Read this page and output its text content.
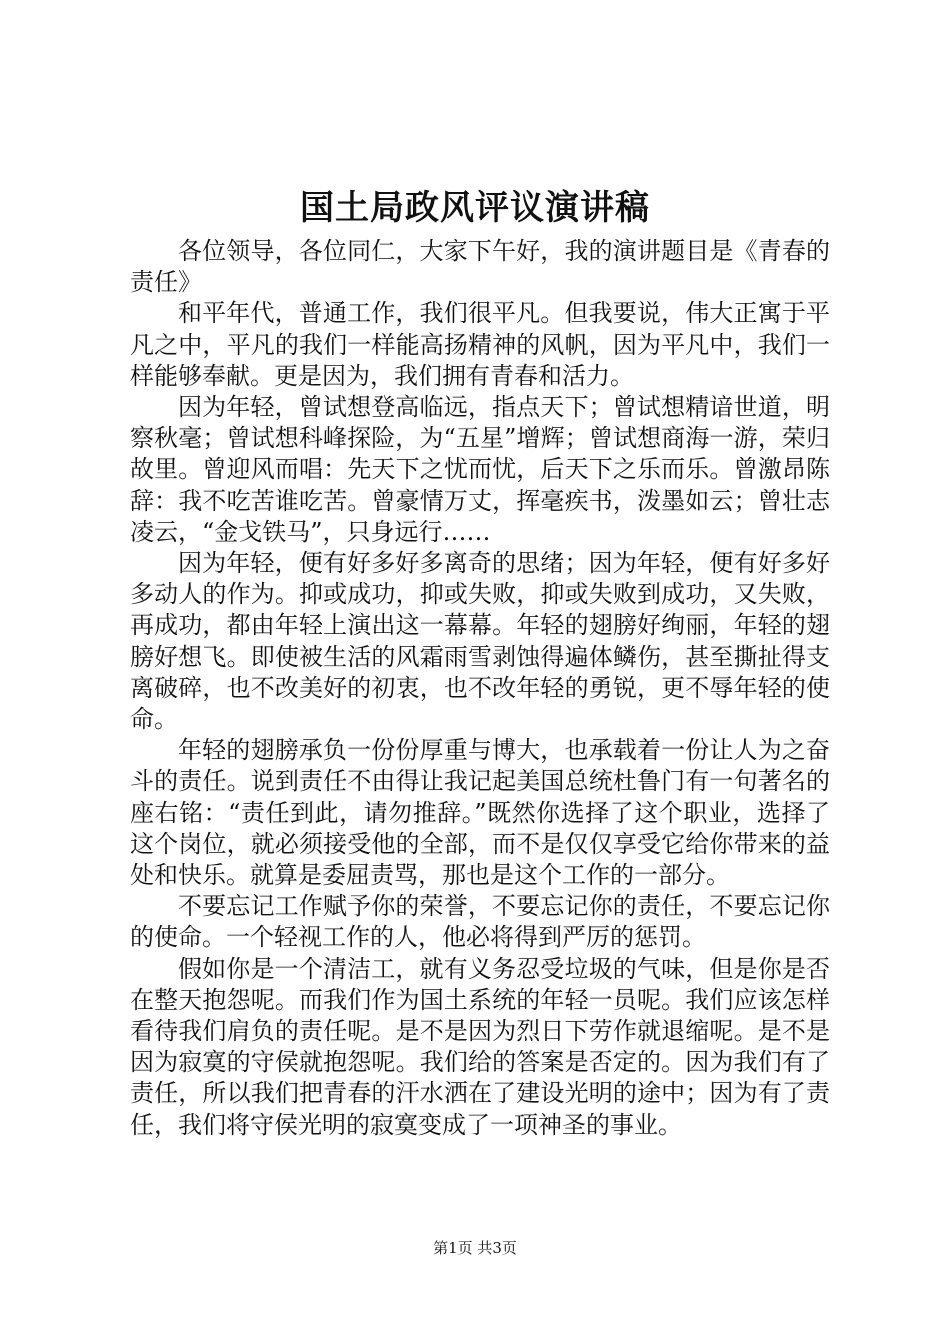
国土局政风评议演讲稿

各位领导，各位同仁，大家下午好，我的演讲题目是《青春的责任》

和平年代，普通工作，我们很平凡。但我要说，伟大正寓于平凡之中，平凡的我们一样能高扬精神的风帆，因为平凡中，我们一样能够奉献。更是因为，我们拥有青春和活力。

因为年轻，曾试想登高临远，指点天下；曾试想精谙世道，明察秋毫；曾试想科峰探险，为“五星”增辉；曾试想商海一游，荣归故里。曾迎风而唱：先天下之忧而忧，后天下之乐而乐。曾激昂陈辞：我不吃苦谁吃苦。曾豪情万丈，挥毫疾书，泼墨如云；曾壮志凌云，“金戈铁马”，只身远行……

因为年轻，便有好多好多离奇的思绪；因为年轻，便有好多好多动人的作为。抑或成功，抑或失败，抑或失败到成功，又失败，再成功，都由年轻上演出这一幕幕。年轻的翅膀好绚丽，年轻的翅膀好想飞。即使被生活的风霜雨雪剥蚀得遍体鳞伤，甚至撕扯得支离破碎，也不改美好的初衷，也不改年轻的勇锐，更不辱年轻的使命。

年轻的翅膀承负一份份厚重与博大，也承载着一份让人为之奋斗的责任。说到责任不由得让我记起美国总统杜鲁门有一句著名的座右铭：“责任到此，请勿推辞。”既然你选择了这个职业，选择了这个岗位，就必须接受他的全部，而不是仅仅享受它给你带来的益处和快乐。就算是委屈责骂，那也是这个工作的一部分。

不要忘记工作赋予你的荣誉，不要忘记你的责任，不要忘记你的使命。一个轻视工作的人，他必将得到严厉的惩罚。

假如你是一个清洁工，就有义务忍受垃圾的气味，但是你是否在整天抱怨呢。而我们作为国土系统的年轻一员呢。我们应该怎样看待我们肩负的责任呢。是不是因为烈日下劳作就退缩呢。是不是因为寂寞的守侯就抱怨呢。我们给的答案是否定的。因为我们有了责任，所以我们把青春的汗水洒在了建设光明的途中；因为有了责任，我们将守侯光明的寂寞变成了一项神圣的事业。

第1页 共3页
